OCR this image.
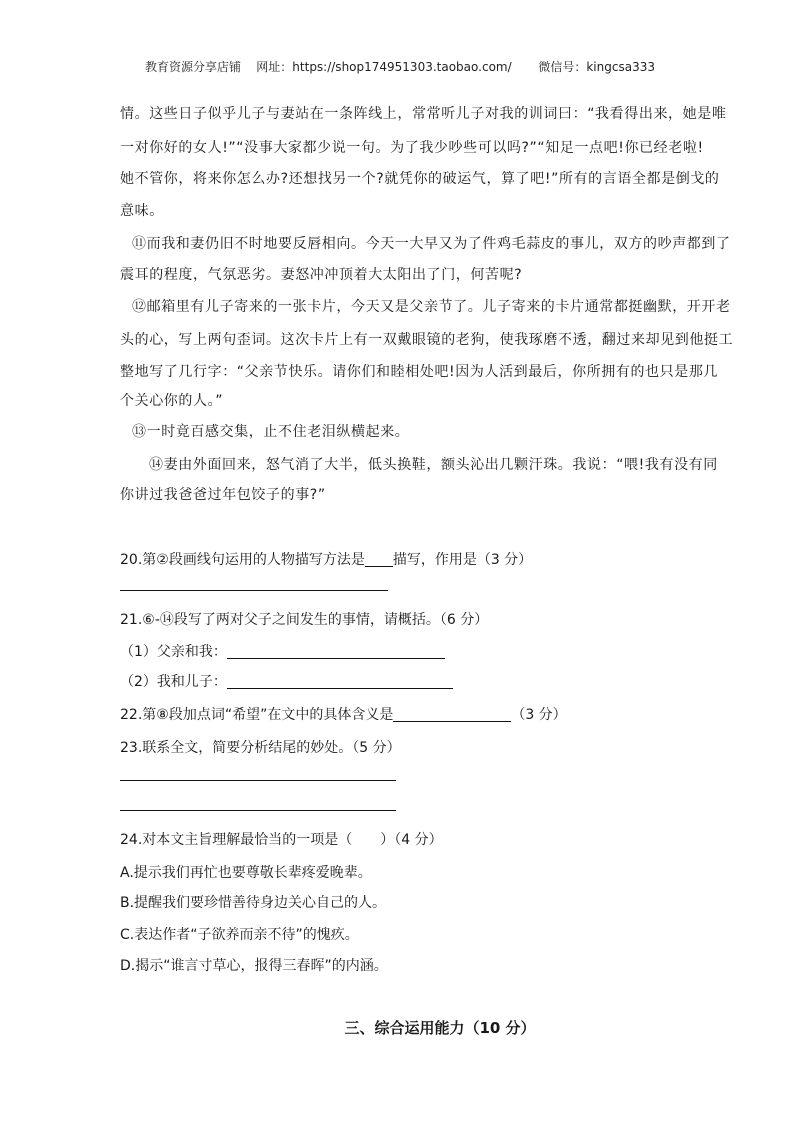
教育资源分享店铺 网址：https://shop174951303.taobao.com/ 微信号：kingcsa333
情。这些日子似乎儿子与妻站在一条阵线上，常常听儿子对我的训词曰：“我看得出来，她是唯
一对你好的女人!”“没事大家都少说一句。为了我少吵些可以吗?”“知足一点吧!你已经老啦!
她不管你，将来你怎么办?还想找另一个?就凭你的破运气，算了吧!”所有的言语全都是倒戈的
意味。
⑪而我和妻仍旧不时地要反唇相向。今天一大早又为了件鸡毛蒜皮的事儿，双方的吵声都到了
震耳的程度，气氛恶劣。妻怒冲冲顶着大太阳出了门，何苦呢?
⑫邮箱里有儿子寄来的一张卡片，今天又是父亲节了。儿子寄来的卡片通常都挺幽默，开开老
头的心，写上两句歪词。这次卡片上有一双戴眼镜的老狗，使我琢磨不透，翻过来却见到他挺工
整地写了几行字：“父亲节快乐。请你们和睦相处吧!因为人活到最后，你所拥有的也只是那几
个关心你的人。”
⑬一时竟百感交集，止不住老泪纵横起来。
⑭妻由外面回来，怒气消了大半，低头换鞋，额头沁出几颗汗珠。我说：“喂!我有没有同
你讲过我爸爸过年包饺子的事?”
20.第②段画线句运用的人物描写方法是 描写，作用是（3 分）
21.⑥-⑭段写了两对父子之间发生的事情，请概括。（6 分）
（1）父亲和我：
（2）我和儿子：
22.第⑧段加点词“希望”在文中的具体含义是	（3 分）
23.联系全文，简要分析结尾的妙处。（5 分）
24.对本文主旨理解最恰当的一项是（　　）（4 分）
A.提示我们再忙也要尊敬长辈疼爱晚辈。
B.提醒我们要珍惜善待身边关心自己的人。
C.表达作者“子欲养而亲不待”的愧疚。
D.揭示“谁言寸草心，报得三春晖”的内涵。
三、综合运用能力（10 分）
